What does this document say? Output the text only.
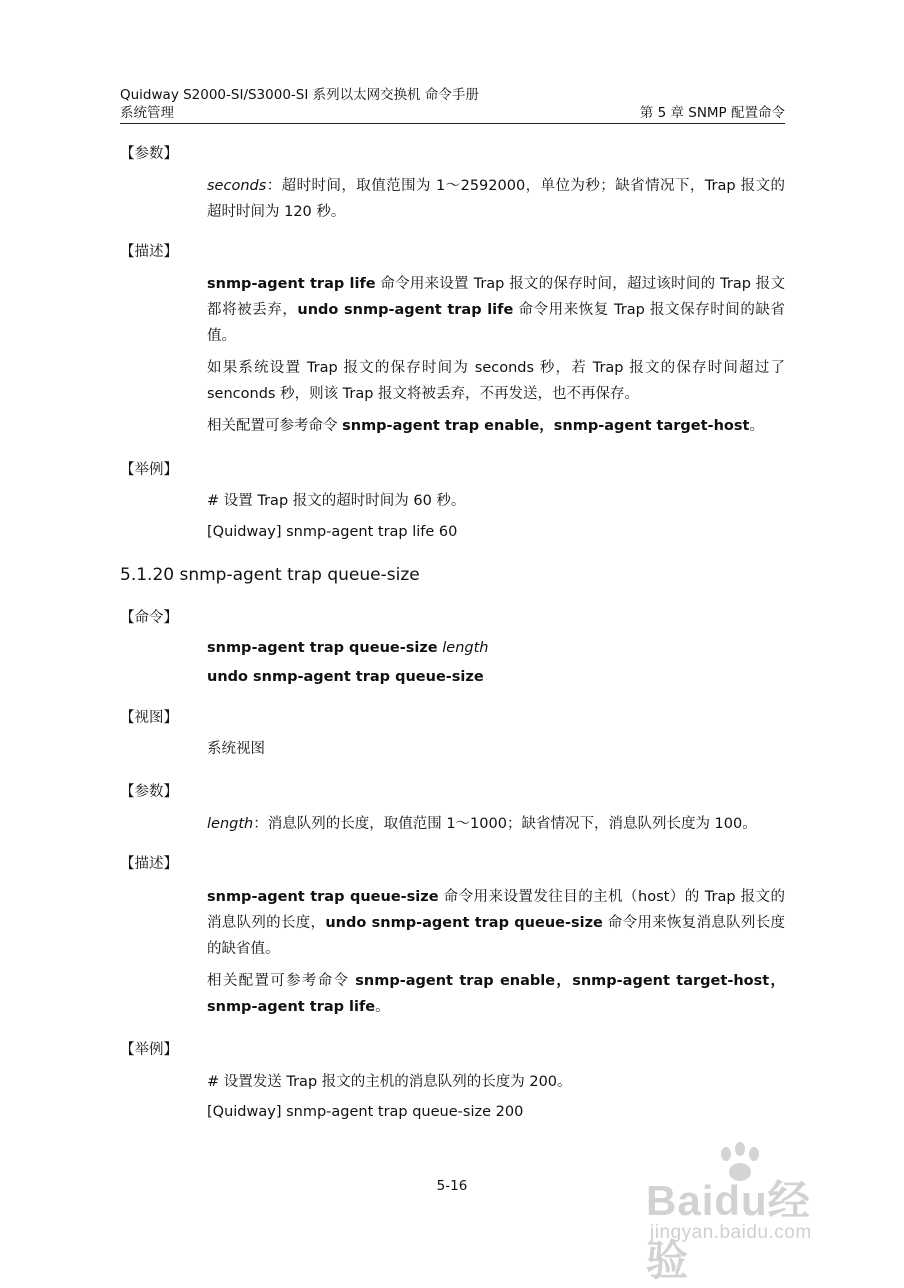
Quidway S2000-SI/S3000-SI 系列以太网交换机 命令手册
系统管理	第 5 章 SNMP 配置命令
【参数】
seconds：超时时间，取值范围为 1～2592000，单位为秒；缺省情况下，Trap 报文的超时时间为 120 秒。
【描述】
snmp-agent trap life 命令用来设置 Trap 报文的保存时间，超过该时间的 Trap 报文都将被丢弃，undo snmp-agent trap life 命令用来恢复 Trap 报文保存时间的缺省值。
如果系统设置 Trap 报文的保存时间为 seconds 秒，若 Trap 报文的保存时间超过了 senconds 秒，则该 Trap 报文将被丢弃，不再发送，也不再保存。
相关配置可参考命令 snmp-agent trap enable，snmp-agent target-host。
【举例】
# 设置 Trap 报文的超时时间为 60 秒。
[Quidway] snmp-agent trap life 60
5.1.20 snmp-agent trap queue-size
【命令】
snmp-agent trap queue-size length
undo snmp-agent trap queue-size
【视图】
系统视图
【参数】
length：消息队列的长度，取值范围 1～1000；缺省情况下，消息队列长度为 100。
【描述】
snmp-agent trap queue-size 命令用来设置发往目的主机（host）的 Trap 报文的消息队列的长度，undo snmp-agent trap queue-size 命令用来恢复消息队列长度的缺省值。
相关配置可参考命令 snmp-agent trap enable，snmp-agent target-host，snmp-agent trap life。
【举例】
# 设置发送 Trap 报文的主机的消息队列的长度为 200。
[Quidway] snmp-agent trap queue-size 200
5-16	Baidu经验
jingyan.baidu.com
